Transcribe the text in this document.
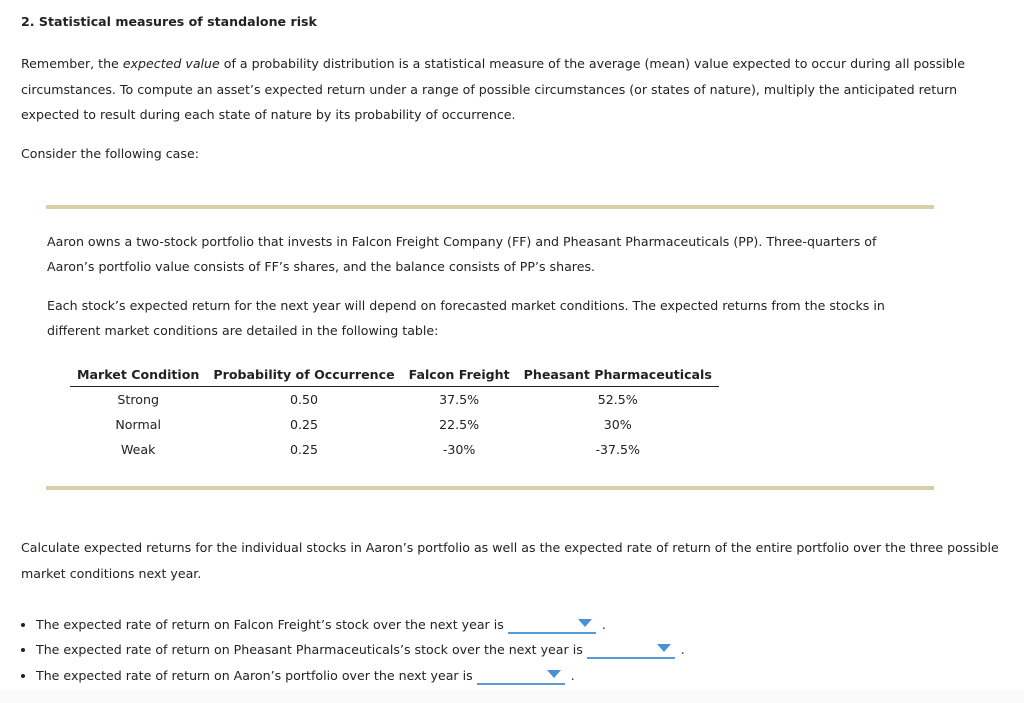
2. Statistical measures of standalone risk

Remember, the expected value of a probability distribution is a statistical measure of the average (mean) value expected to occur during all possible circumstances. To compute an asset’s expected return under a range of possible circumstances (or states of nature), multiply the anticipated return expected to result during each state of nature by its probability of occurrence.

Consider the following case:

Aaron owns a two-stock portfolio that invests in Falcon Freight Company (FF) and Pheasant Pharmaceuticals (PP). Three-quarters of Aaron’s portfolio value consists of FF’s shares, and the balance consists of PP’s shares.

Each stock’s expected return for the next year will depend on forecasted market conditions. The expected returns from the stocks in different market conditions are detailed in the following table:

Market Condition	Probability of Occurrence	Falcon Freight	Pheasant Pharmaceuticals
Strong	0.50	37.5%	52.5%
Normal	0.25	22.5%	30%
Weak	0.25	-30%	-37.5%

Calculate expected returns for the individual stocks in Aaron’s portfolio as well as the expected rate of return of the entire portfolio over the three possible market conditions next year.

• The expected rate of return on Falcon Freight’s stock over the next year is	.
• The expected rate of return on Pheasant Pharmaceuticals’s stock over the next year is	.
• The expected rate of return on Aaron’s portfolio over the next year is	.
